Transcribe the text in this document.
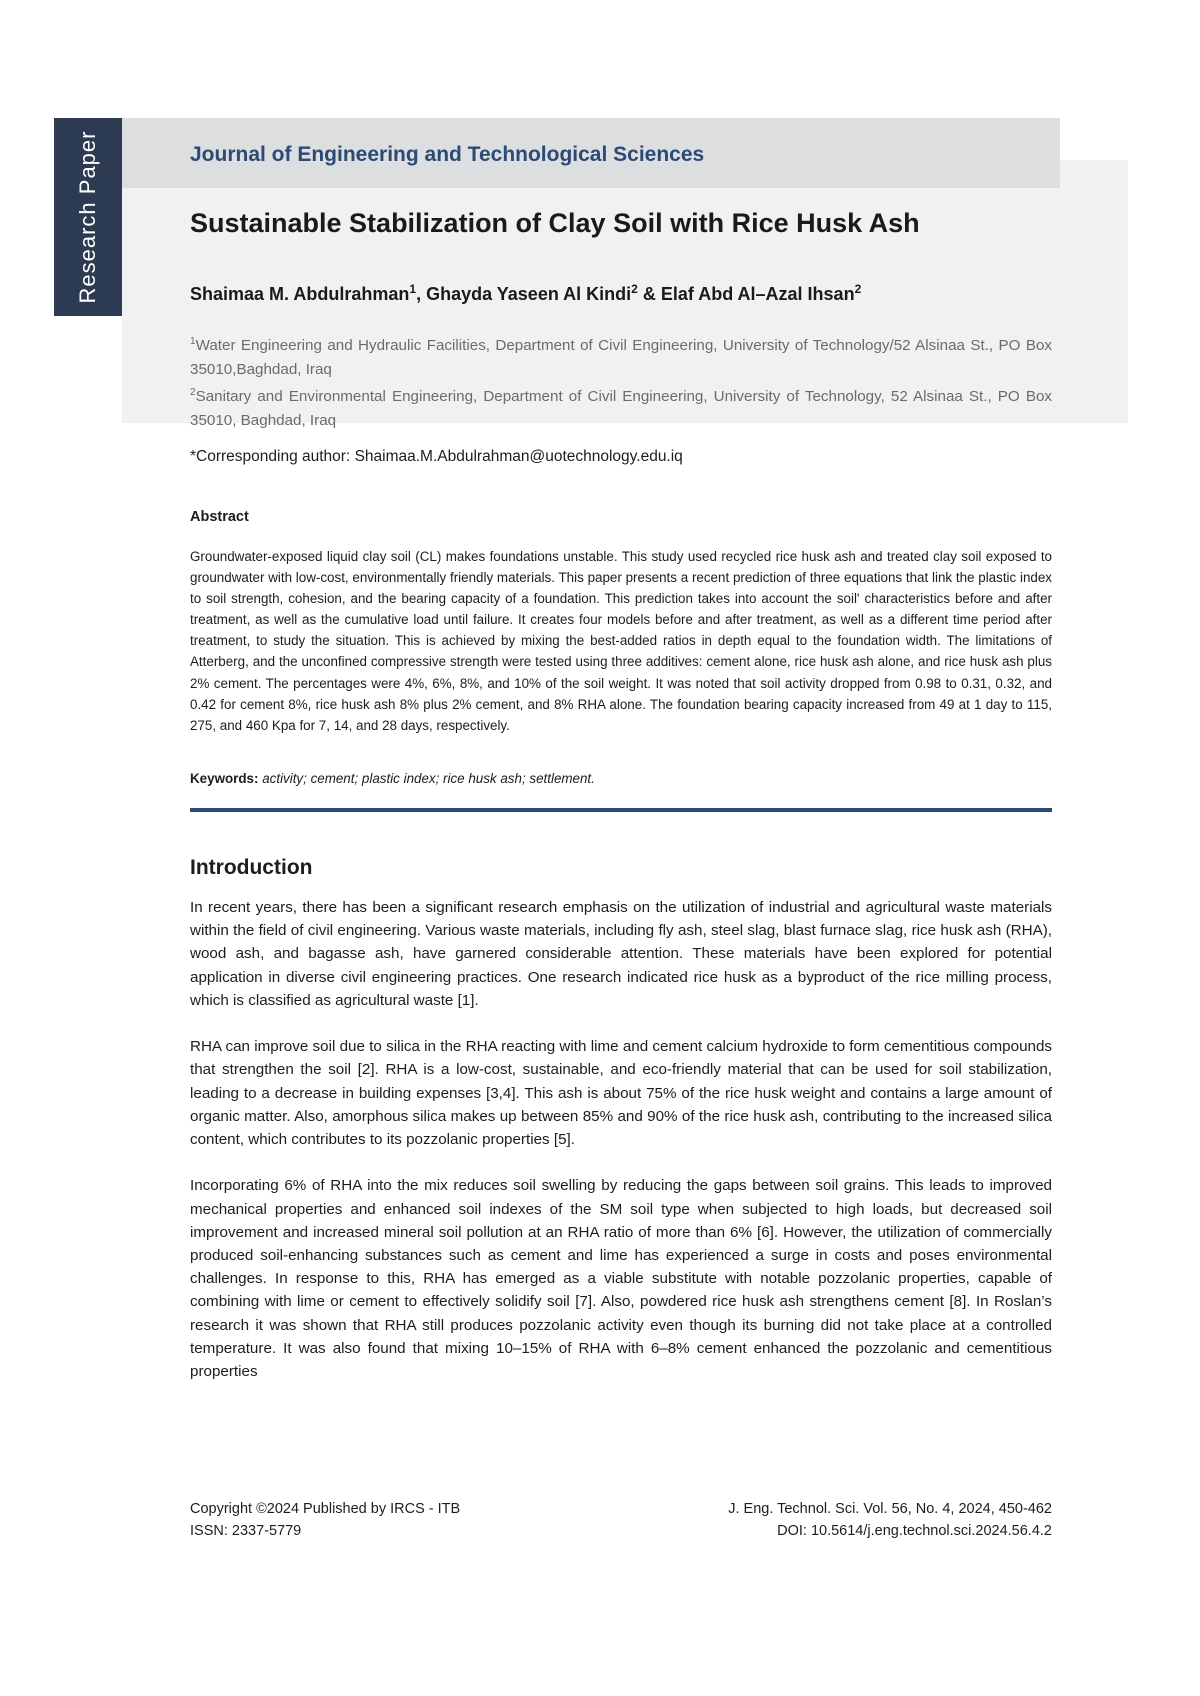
Research Paper	Journal of Engineering and Technological Sciences
Sustainable Stabilization of Clay Soil with Rice Husk Ash
Shaimaa M. Abdulrahman$^1$, Ghayda Yaseen Al Kindi$^2$ & Elaf Abd Al–Azal Ihsan$^2$

$^1$Water Engineering and Hydraulic Facilities, Department of Civil Engineering, University of Technology/52 Alsinaa St., PO Box 35010,Baghdad, Iraq

$^2$Sanitary and Environmental Engineering, Department of Civil Engineering, University of Technology, 52 Alsinaa St., PO Box 35010, Baghdad, Iraq

*Corresponding author: Shaimaa.M.Abdulrahman@uotechnology.edu.iq
Abstract

Groundwater-exposed liquid clay soil (CL) makes foundations unstable. This study used recycled rice husk ash and treated clay soil exposed to groundwater with low-cost, environmentally friendly materials. This paper presents a recent prediction of three equations that link the plastic index to soil strength, cohesion, and the bearing capacity of a foundation. This prediction takes into account the soil' characteristics before and after treatment, as well as the cumulative load until failure. It creates four models before and after treatment, as well as a different time period after treatment, to study the situation. This is achieved by mixing the best-added ratios in depth equal to the foundation width. The limitations of Atterberg, and the unconfined compressive strength were tested using three additives: cement alone, rice husk ash alone, and rice husk ash plus 2% cement. The percentages were 4%, 6%, 8%, and 10% of the soil weight. It was noted that soil activity dropped from 0.98 to 0.31, 0.32, and 0.42 for cement 8%, rice husk ash 8% plus 2% cement, and 8% RHA alone. The foundation bearing capacity increased from 49 at 1 day to 115, 275, and 460 Kpa for 7, 14, and 28 days, respectively.

Keywords: activity; cement; plastic index; rice husk ash; settlement.

Introduction

In recent years, there has been a significant research emphasis on the utilization of industrial and agricultural waste materials within the field of civil engineering. Various waste materials, including fly ash, steel slag, blast furnace slag, rice husk ash (RHA), wood ash, and bagasse ash, have garnered considerable attention. These materials have been explored for potential application in diverse civil engineering practices. One research indicated rice husk as a byproduct of the rice milling process, which is classified as agricultural waste [1].

RHA can improve soil due to silica in the RHA reacting with lime and cement calcium hydroxide to form cementitious compounds that strengthen the soil [2]. RHA is a low-cost, sustainable, and eco-friendly material that can be used for soil stabilization, leading to a decrease in building expenses [3,4]. This ash is about 75% of the rice husk weight and contains a large amount of organic matter. Also, amorphous silica makes up between 85% and 90% of the rice husk ash, contributing to the increased silica content, which contributes to its pozzolanic properties [5].

Incorporating 6% of RHA into the mix reduces soil swelling by reducing the gaps between soil grains. This leads to improved mechanical properties and enhanced soil indexes of the SM soil type when subjected to high loads, but decreased soil improvement and increased mineral soil pollution at an RHA ratio of more than 6% [6]. However, the utilization of commercially produced soil-enhancing substances such as cement and lime has experienced a surge in costs and poses environmental challenges. In response to this, RHA has emerged as a viable substitute with notable pozzolanic properties, capable of combining with lime or cement to effectively solidify soil [7]. Also, powdered rice husk ash strengthens cement [8]. In Roslan’s research it was shown that RHA still produces pozzolanic activity even though its burning did not take place at a controlled temperature. It was also found that mixing 10–15% of RHA with 6–8% cement enhanced the pozzolanic and cementitious properties

Copyright ©2024 Published by IRCS - ITB
ISSN: 2337-5779
J. Eng. Technol. Sci. Vol. 56, No. 4, 2024, 450-462
DOI: 10.5614/j.eng.technol.sci.2024.56.4.2
